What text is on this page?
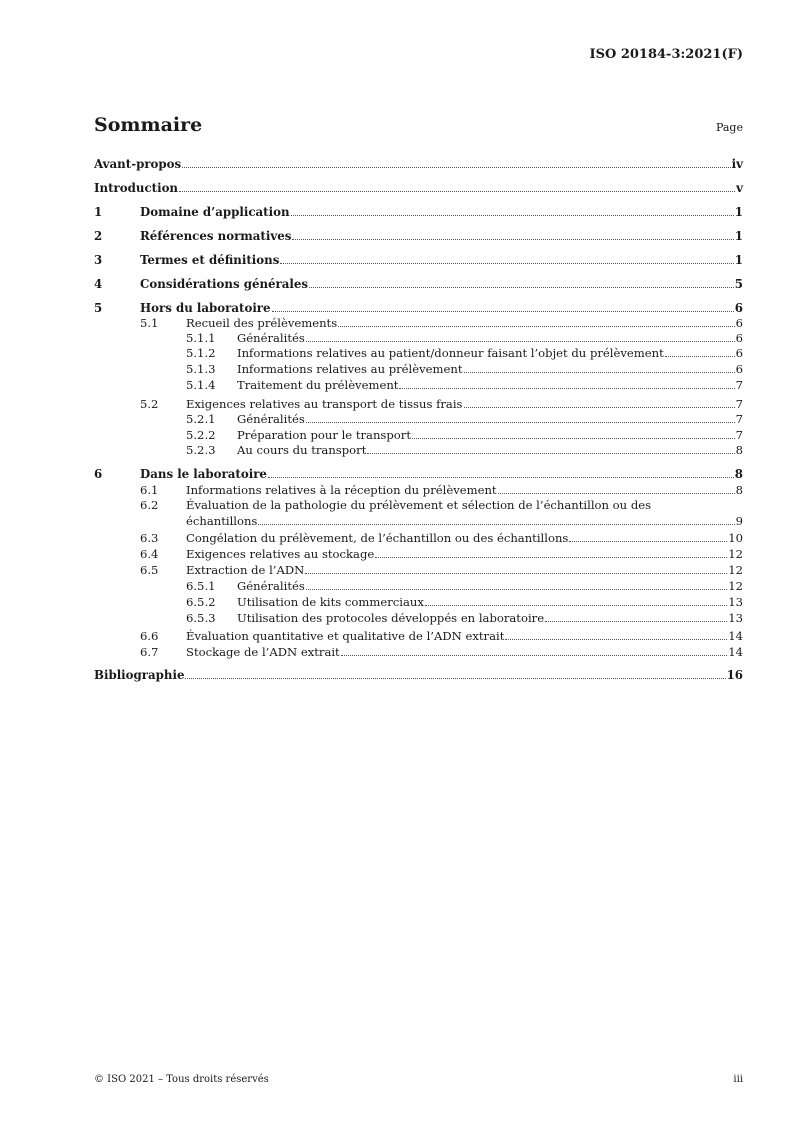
ISO 20184-3:2021(F)
Sommaire	Page
Avant-propos	iv
Introduction	v
1	Domaine d’application	1
2	Références normatives	1
3	Termes et définitions	1
4	Considérations générales	5
5	Hors du laboratoire	6
5.1 Recueil des prélèvements	6
5.1.1 Généralités	6
5.1.2 Informations relatives au patient/donneur faisant l’objet du prélèvement	6
5.1.3 Informations relatives au prélèvement	6
5.1.4 Traitement du prélèvement	7
5.2 Exigences relatives au transport de tissus frais	7
5.2.1 Généralités	7
5.2.2 Préparation pour le transport	7
5.2.3 Au cours du transport	8
6	Dans le laboratoire	8
6.1 Informations relatives à la réception du prélèvement	8
6.2 Évaluation de la pathologie du prélèvement et sélection de l’échantillon ou des
échantillons	9
6.3 Congélation du prélèvement, de l’échantillon ou des échantillons	10
6.4 Exigences relatives au stockage	12
6.5 Extraction de l’ADN	12
6.5.1 Généralités	12
6.5.2 Utilisation de kits commerciaux	13
6.5.3 Utilisation des protocoles développés en laboratoire	13
6.6 Évaluation quantitative et qualitative de l’ADN extrait	14
6.7 Stockage de l’ADN extrait	14
Bibliographie	16
© ISO 2021 – Tous droits réservés	iii
